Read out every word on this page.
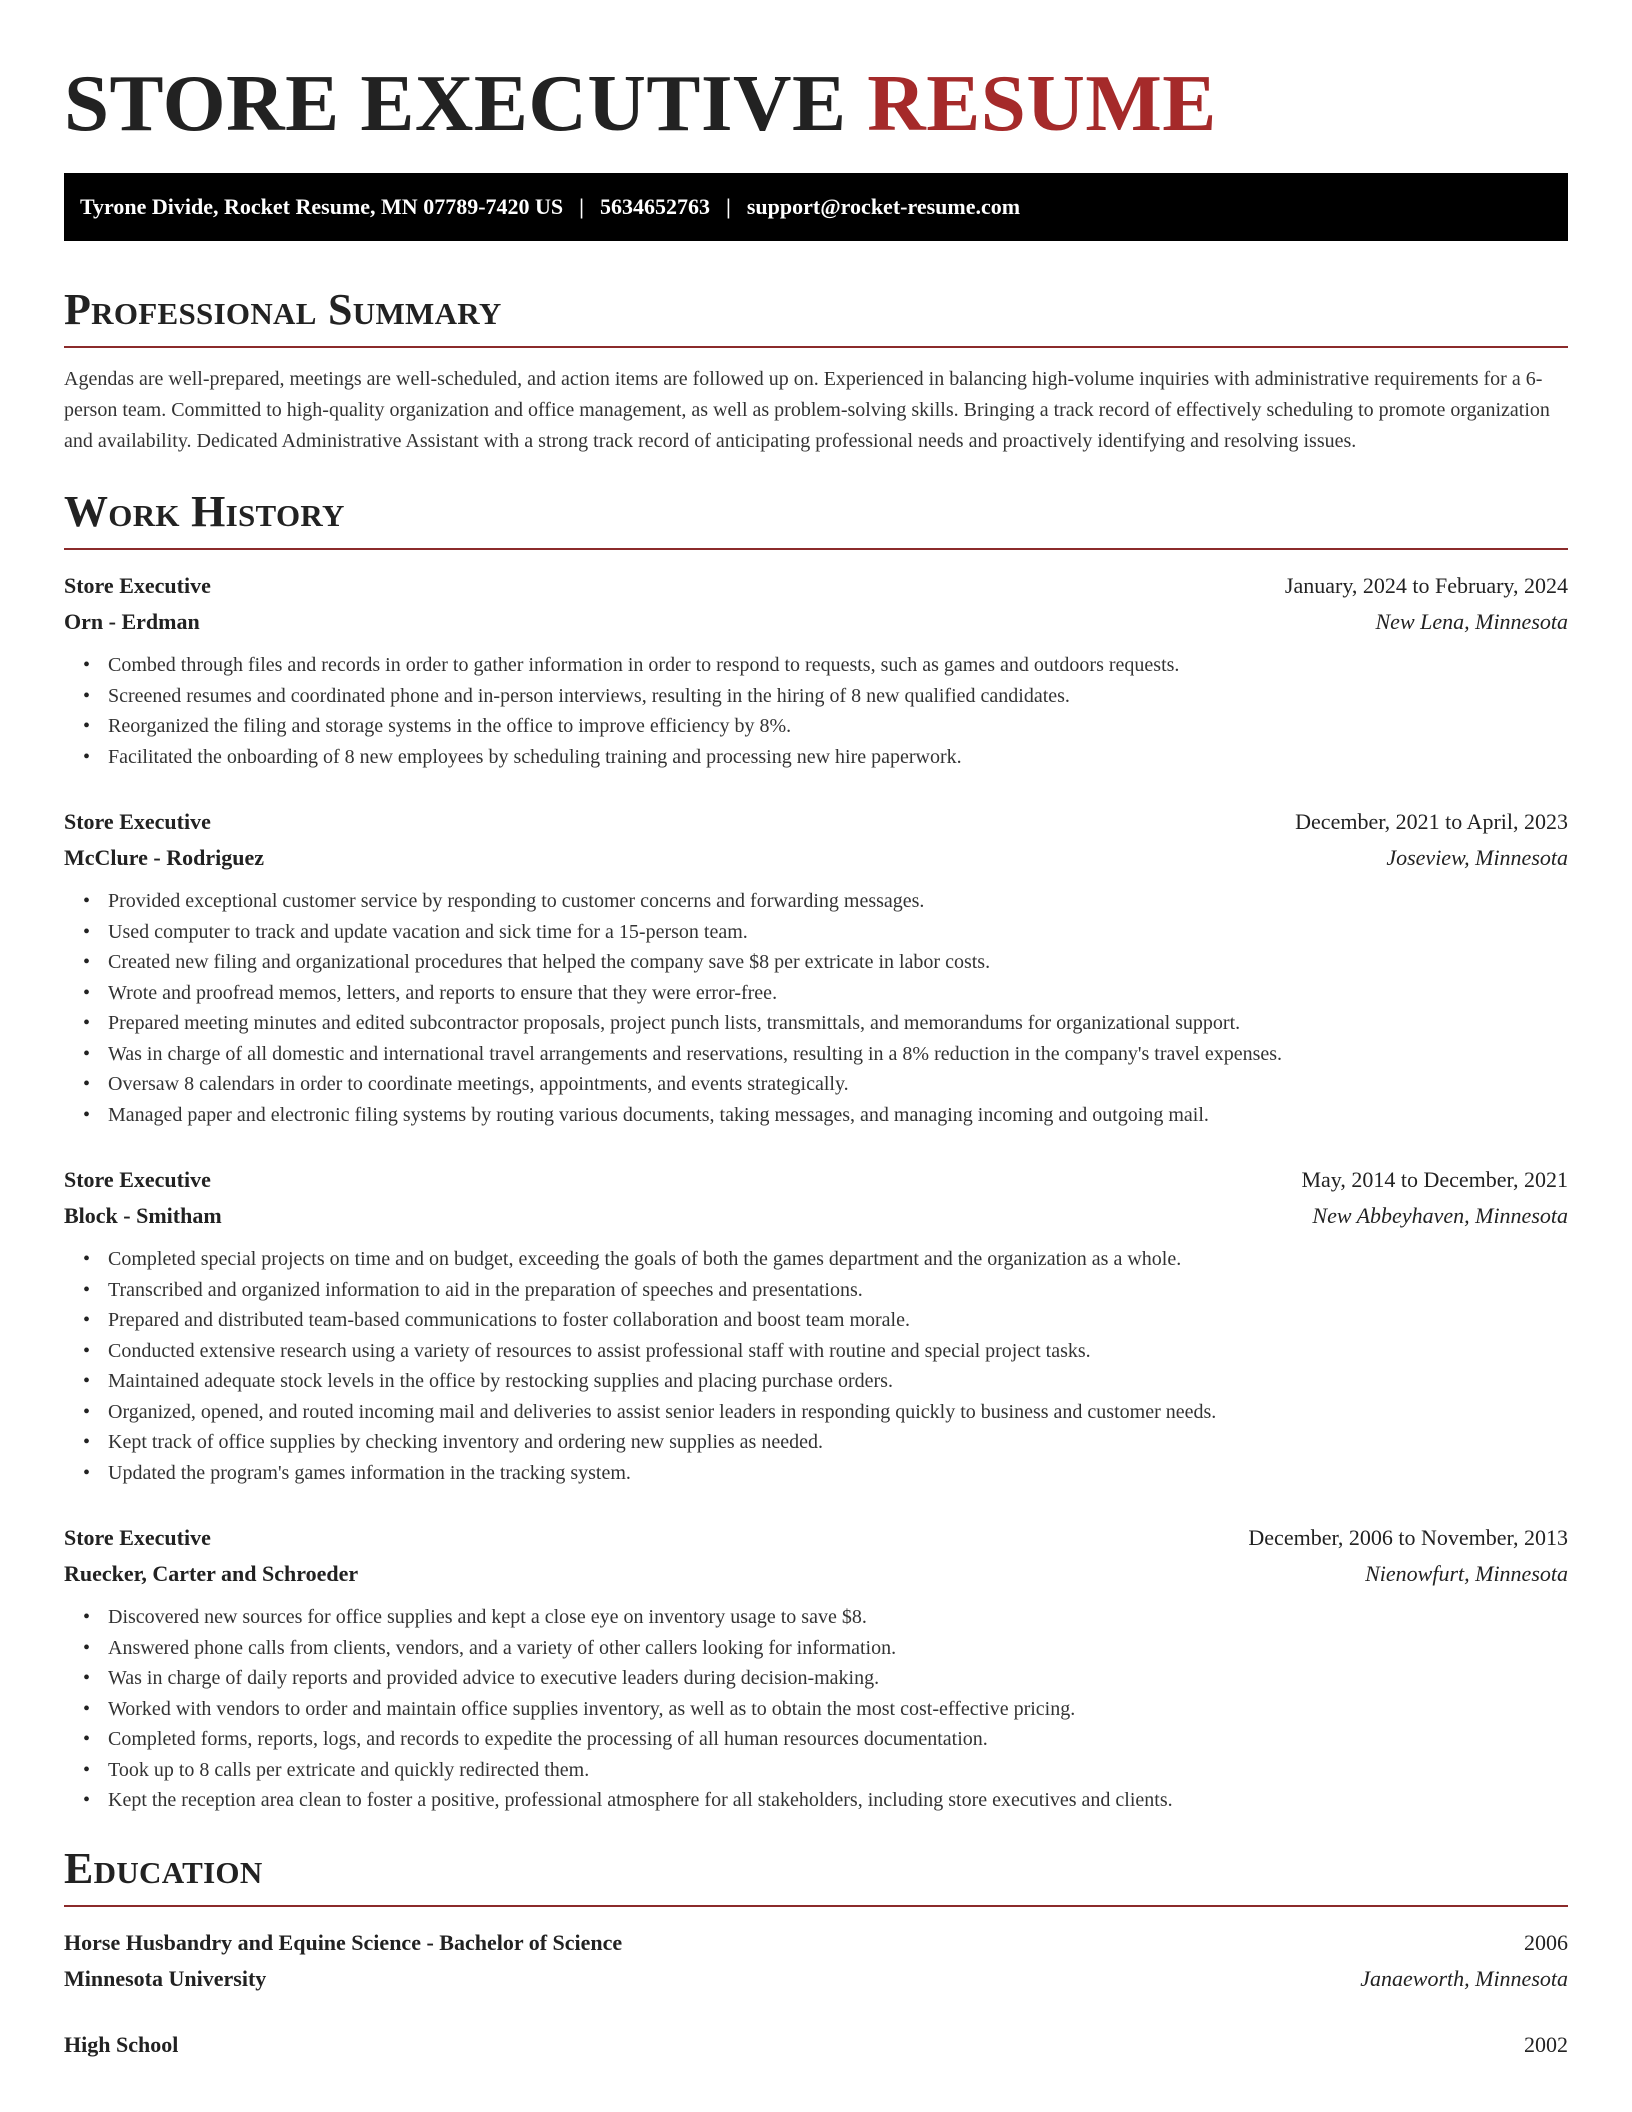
STORE EXECUTIVE RESUME
Tyrone Divide, Rocket Resume, MN 07789-7420 US | 5634652763 | support@rocket-resume.com
Professional Summary

Agendas are well-prepared, meetings are well-scheduled, and action items are followed up on. Experienced in balancing high-volume inquiries with administrative requirements for a 6-person team. Committed to high-quality organization and office management, as well as problem-solving skills. Bringing a track record of effectively scheduling to promote organization and availability. Dedicated Administrative Assistant with a strong track record of anticipating professional needs and proactively identifying and resolving issues.

Work History
Store Executive	January, 2024 to February, 2024
Orn - Erdman	New Lena, Minnesota
• Combed through files and records in order to gather information in order to respond to requests, such as games and outdoors requests.
• Screened resumes and coordinated phone and in-person interviews, resulting in the hiring of 8 new qualified candidates.
• Reorganized the filing and storage systems in the office to improve efficiency by 8%.
• Facilitated the onboarding of 8 new employees by scheduling training and processing new hire paperwork.
Store Executive	December, 2021 to April, 2023
McClure - Rodriguez	Joseview, Minnesota
• Provided exceptional customer service by responding to customer concerns and forwarding messages.
• Used computer to track and update vacation and sick time for a 15-person team.
• Created new filing and organizational procedures that helped the company save $8 per extricate in labor costs.
• Wrote and proofread memos, letters, and reports to ensure that they were error-free.
• Prepared meeting minutes and edited subcontractor proposals, project punch lists, transmittals, and memorandums for organizational support.
• Was in charge of all domestic and international travel arrangements and reservations, resulting in a 8% reduction in the company's travel expenses.
• Oversaw 8 calendars in order to coordinate meetings, appointments, and events strategically.
• Managed paper and electronic filing systems by routing various documents, taking messages, and managing incoming and outgoing mail.
Store Executive	May, 2014 to December, 2021
Block - Smitham	New Abbeyhaven, Minnesota
• Completed special projects on time and on budget, exceeding the goals of both the games department and the organization as a whole.
• Transcribed and organized information to aid in the preparation of speeches and presentations.
• Prepared and distributed team-based communications to foster collaboration and boost team morale.
• Conducted extensive research using a variety of resources to assist professional staff with routine and special project tasks.
• Maintained adequate stock levels in the office by restocking supplies and placing purchase orders.
• Organized, opened, and routed incoming mail and deliveries to assist senior leaders in responding quickly to business and customer needs.
• Kept track of office supplies by checking inventory and ordering new supplies as needed.
• Updated the program's games information in the tracking system.
Store Executive	December, 2006 to November, 2013
Ruecker, Carter and Schroeder	Nienowfurt, Minnesota
• Discovered new sources for office supplies and kept a close eye on inventory usage to save $8.
• Answered phone calls from clients, vendors, and a variety of other callers looking for information.
• Was in charge of daily reports and provided advice to executive leaders during decision-making.
• Worked with vendors to order and maintain office supplies inventory, as well as to obtain the most cost-effective pricing.
• Completed forms, reports, logs, and records to expedite the processing of all human resources documentation.
• Took up to 8 calls per extricate and quickly redirected them.
• Kept the reception area clean to foster a positive, professional atmosphere for all stakeholders, including store executives and clients.
Education
Horse Husbandry and Equine Science - Bachelor of Science	2006
Minnesota University	Janaeworth, Minnesota
High School	2002
